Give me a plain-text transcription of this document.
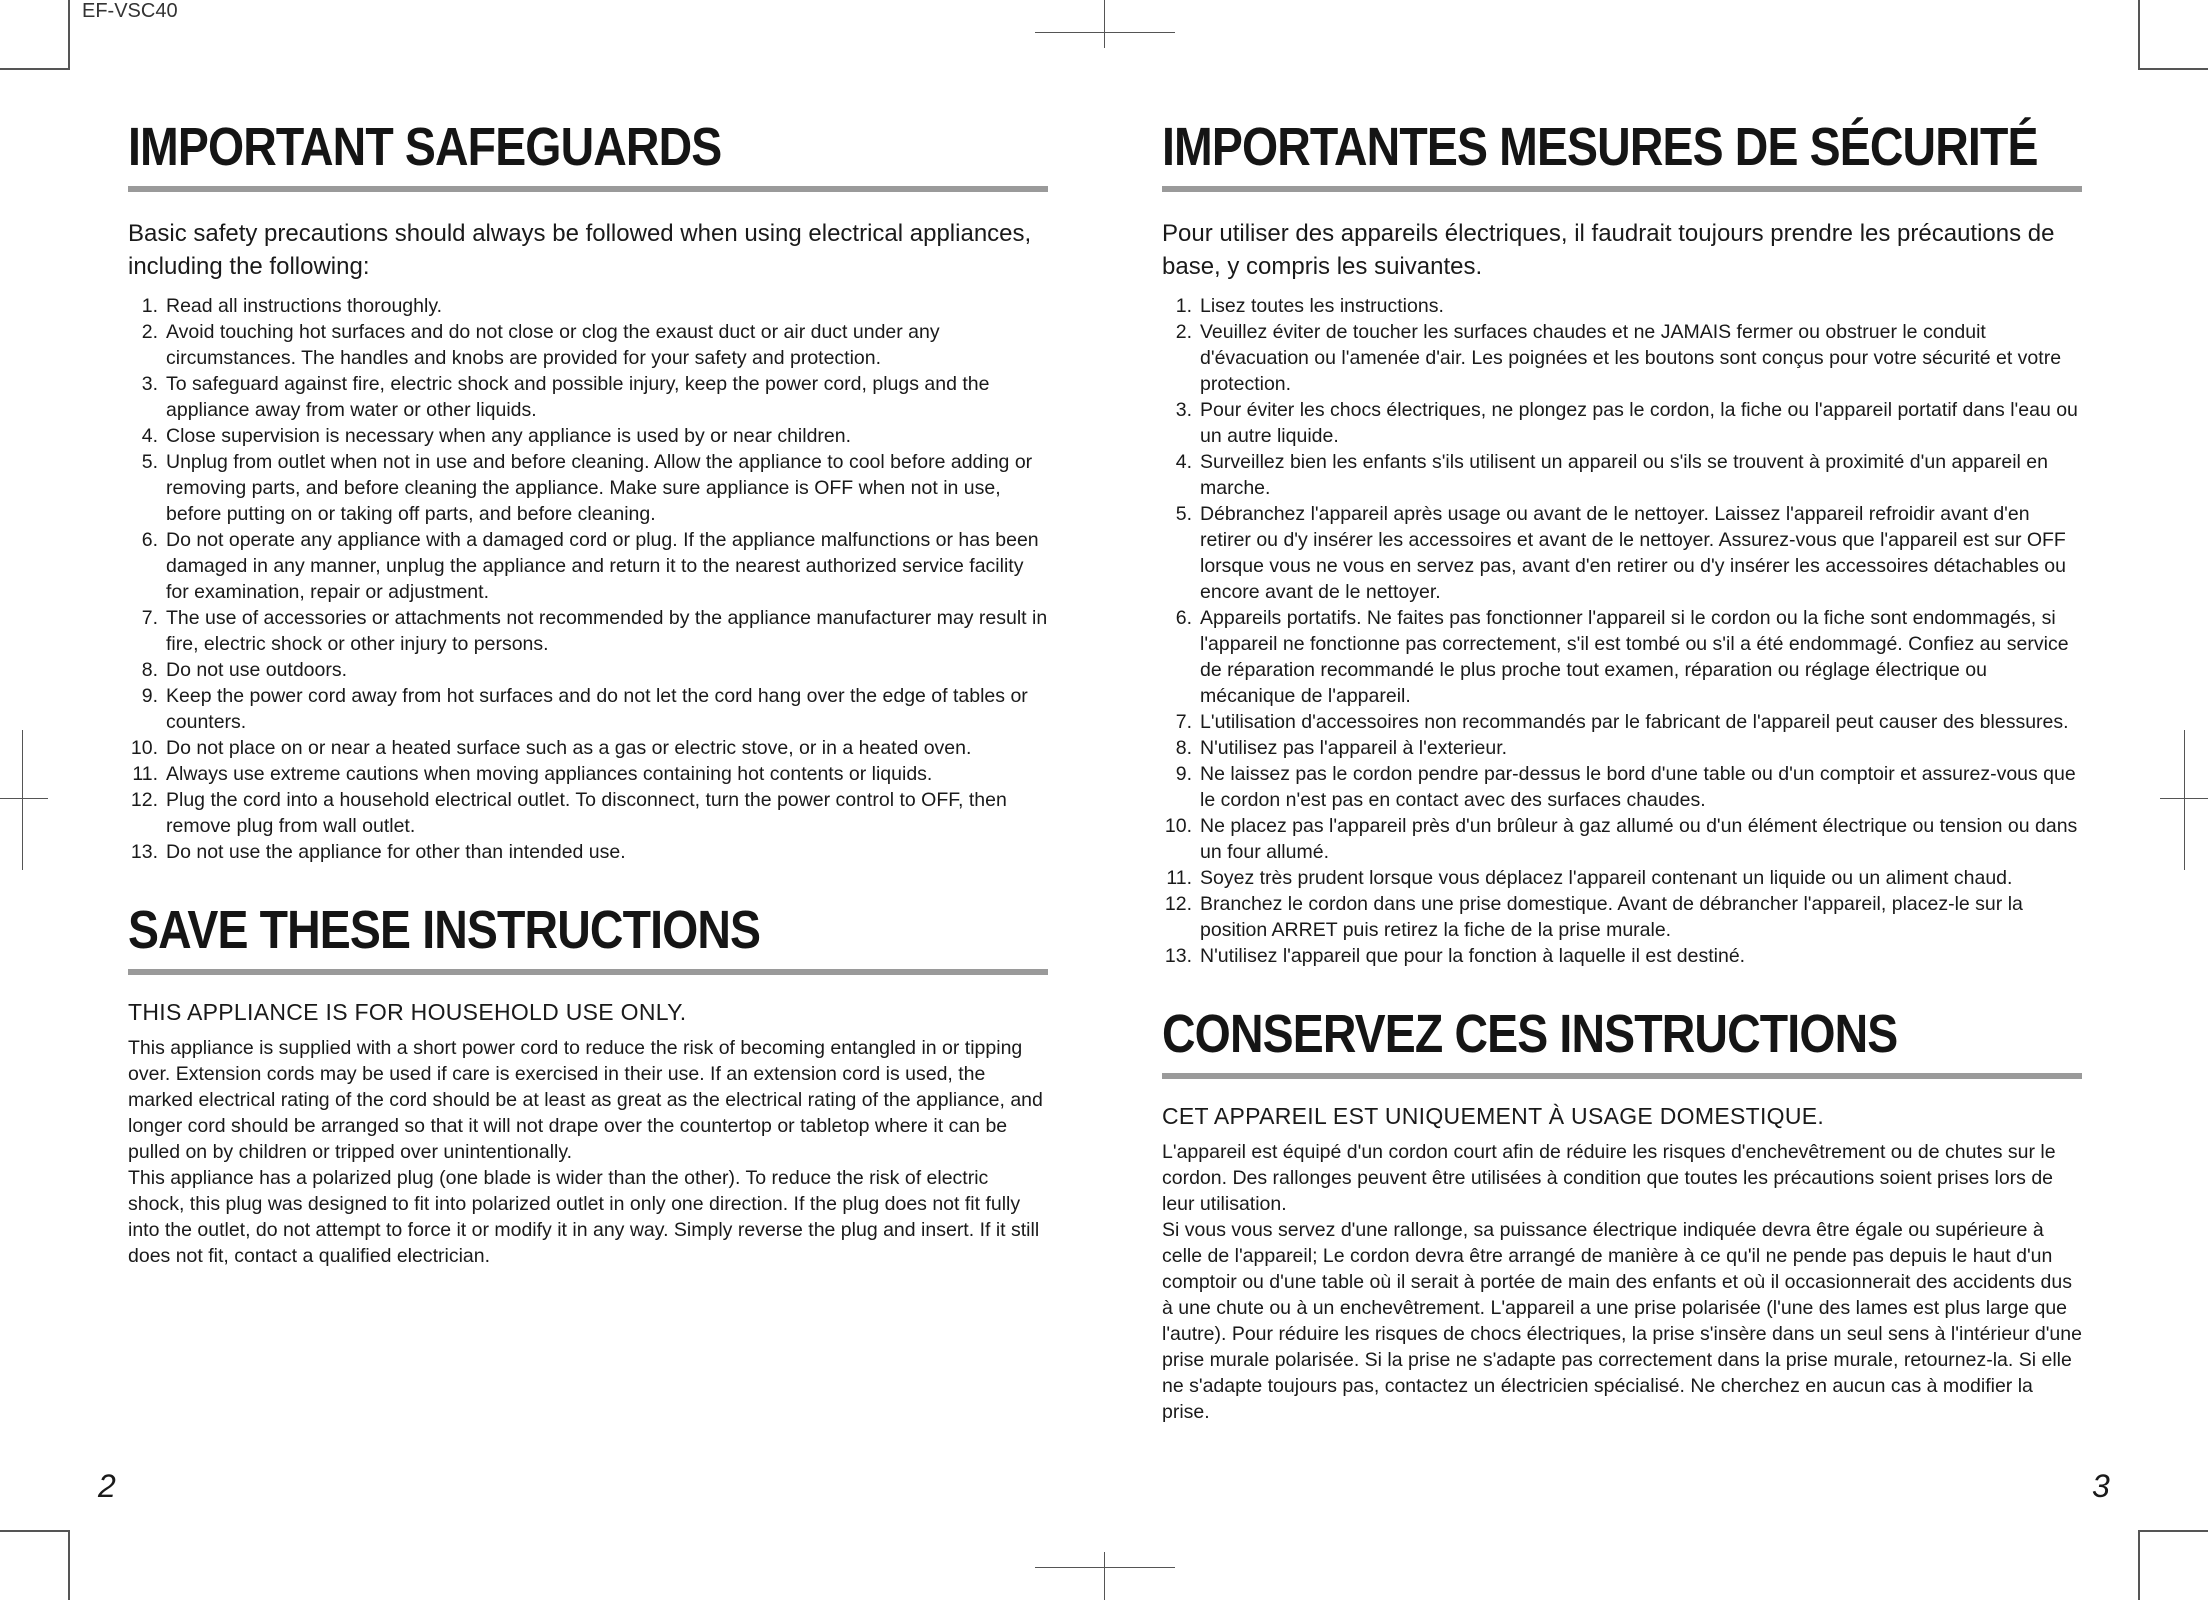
EF-VSC40
IMPORTANT SAFEGUARDS

Basic safety precautions should always be followed when using electrical appliances, including the following:

1. Read all instructions thoroughly.
2. Avoid touching hot surfaces and do not close or clog the exaust duct or air duct under any circumstances. The handles and knobs are provided for your safety and protection.
3. To safeguard against fire, electric shock and possible injury, keep the power cord, plugs and the appliance away from water or other liquids.
4. Close supervision is necessary when any appliance is used by or near children.
5. Unplug from outlet when not in use and before cleaning. Allow the appliance to cool before adding or removing parts, and before cleaning the appliance. Make sure appliance is OFF when not in use, before putting on or taking off parts, and before cleaning.
6. Do not operate any appliance with a damaged cord or plug. If the appliance malfunctions or has been damaged in any manner, unplug the appliance and return it to the nearest authorized service facility for examination, repair or adjustment.
7. The use of accessories or attachments not recommended by the appliance manufacturer may result in fire, electric shock or other injury to persons.
8. Do not use outdoors.
9. Keep the power cord away from hot surfaces and do not let the cord hang over the edge of tables or counters.
10. Do not place on or near a heated surface such as a gas or electric stove, or in a heated oven.
11. Always use extreme cautions when moving appliances containing hot contents or liquids.
12. Plug the cord into a household electrical outlet. To disconnect, turn the power control to OFF, then remove plug from wall outlet.
13. Do not use the appliance for other than intended use.
SAVE THESE INSTRUCTIONS
THIS APPLIANCE IS FOR HOUSEHOLD USE ONLY.

This appliance is supplied with a short power cord to reduce the risk of becoming entangled in or tipping over. Extension cords may be used if care is exercised in their use. If an extension cord is used, the marked electrical rating of the cord should be at least as great as the electrical rating of the appliance, and longer cord should be arranged so that it will not drape over the countertop or tabletop where it can be pulled on by children or tripped over unintentionally.

This appliance has a polarized plug (one blade is wider than the other). To reduce the risk of electric shock, this plug was designed to fit into polarized outlet in only one direction. If the plug does not fit fully into the outlet, do not attempt to force it or modify it in any way. Simply reverse the plug and insert. If it still does not fit, contact a qualified electrician.

2
IMPORTANTES MESURES DE SÉCURITÉ

Pour utiliser des appareils électriques, il faudrait toujours prendre les précautions de base, y compris les suivantes.

1. Lisez toutes les instructions.
2. Veuillez éviter de toucher les surfaces chaudes et ne JAMAIS fermer ou obstruer le conduit d'évacuation ou l'amenée d'air. Les poignées et les boutons sont conçus pour votre sécurité et votre protection.
3. Pour éviter les chocs électriques, ne plongez pas le cordon, la fiche ou l'appareil portatif dans l'eau ou un autre liquide.
4. Surveillez bien les enfants s'ils utilisent un appareil ou s'ils se trouvent à proximité d'un appareil en marche.
5. Débranchez l'appareil après usage ou avant de le nettoyer. Laissez l'appareil refroidir avant d'en retirer ou d'y insérer les accessoires et avant de le nettoyer. Assurez-vous que l'appareil est sur OFF lorsque vous ne vous en servez pas, avant d'en retirer ou d'y insérer les accessoires détachables ou encore avant de le nettoyer.
6. Appareils portatifs. Ne faites pas fonctionner l'appareil si le cordon ou la fiche sont endommagés, si l'appareil ne fonctionne pas correctement, s'il est tombé ou s'il a été endommagé. Confiez au service de réparation recommandé le plus proche tout examen, réparation ou réglage électrique ou mécanique de l'appareil.
7. L'utilisation d'accessoires non recommandés par le fabricant de l'appareil peut causer des blessures.
8. N'utilisez pas l'appareil à l'exterieur.
9. Ne laissez pas le cordon pendre par-dessus le bord d'une table ou d'un comptoir et assurez-vous que le cordon n'est pas en contact avec des surfaces chaudes.
10. Ne placez pas l'appareil près d'un brûleur à gaz allumé ou d'un élément électrique ou tension ou dans un four allumé.
11. Soyez très prudent lorsque vous déplacez l'appareil contenant un liquide ou un aliment chaud.
12. Branchez le cordon dans une prise domestique. Avant de débrancher l'appareil, placez-le sur la position ARRET puis retirez la fiche de la prise murale.
13. N'utilisez l'appareil que pour la fonction à laquelle il est destiné.
CONSERVEZ CES INSTRUCTIONS
CET APPAREIL EST UNIQUEMENT À USAGE DOMESTIQUE.

L'appareil est équipé d'un cordon court afin de réduire les risques d'enchevêtrement ou de chutes sur le cordon. Des rallonges peuvent être utilisées à condition que toutes les précautions soient prises lors de leur utilisation.

Si vous vous servez d'une rallonge, sa puissance électrique indiquée devra être égale ou supérieure à celle de l'appareil; Le cordon devra être arrangé de manière à ce qu'il ne pende pas depuis le haut d'un comptoir ou d'une table où il serait à portée de main des enfants et où il occasionnerait des accidents dus à une chute ou à un enchevêtrement. L'appareil a une prise polarisée (l'une des lames est plus large que l'autre). Pour réduire les risques de chocs électriques, la prise s'insère dans un seul sens à l'intérieur d'une prise murale polarisée. Si la prise ne s'adapte pas correctement dans la prise murale, retournez-la. Si elle ne s'adapte toujours pas, contactez un électricien spécialisé. Ne cherchez en aucun cas à modifier la prise.

3
